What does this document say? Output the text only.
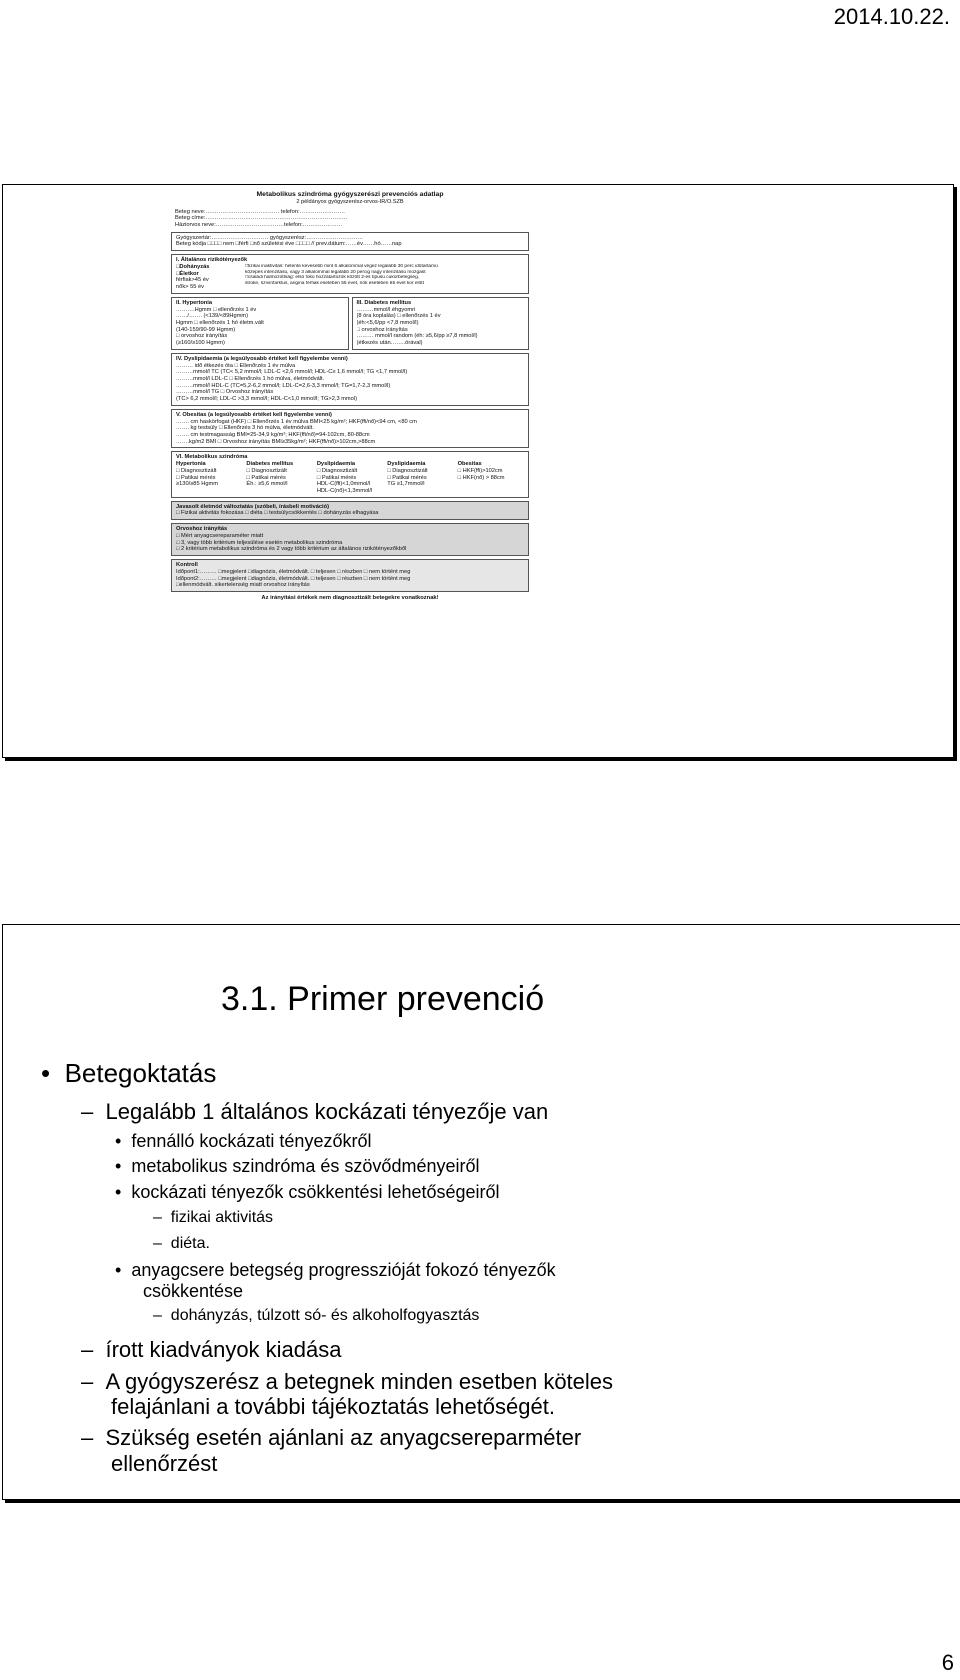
2014.10.22.
Metabolikus szindróma gyógyszerészi prevenciós adatlap
2 példányos gyógyszerész-orvos-IR/O.SZB
Beteg neve:………………………………… telefon:……………………
Beteg címe:…………………………………………………………………
Háziorvos neve:………………………………telefon:…………………
Gyógyszertár:………………………… gyógyszerész:…………………………
Beteg kódja □□□□ nem □férfi □nő születési éve □□□□ // prev.dátum:……év……hó……nap
I. Általános rizikótényezők
□Dohányzás
□Életkor
férfiak>45 év
nők> 55 év
□fizikai inaktivitás: hetente kevesebb mint 6 alkalommal végez legalább 30 perc időtartamú
közepes intenzitású, vagy 3 alkalommal legalább 20 percig nagy intenzitású mozgást
□családi halmozottság: első fokú hozzátartozók között 2-es típusú cukorbetegség,
stroke, szívinfarktus, angina férfiak esetében 55 évet, nők esetében 65 évet kor előtt
II. Hypertonia
……….Hgmm □ ellenőrzés 1 év
……/……. (<139/<89Hgmm)
Hgmm □ ellenőrzés 1 hó életm.vált
(140-159/90-99 Hgmm)
□ orvoshoz irányítás
(≥160/≥100 Hgmm)
III. Diabetes mellitus
………mmol/l éhgyomri
(8 óra koplalás) □ ellenőrzés 1 év
(éh:<5,6/pp <7,8 mmol/l)
□ orvoshoz irányítás
……… mmol/l random (éh: ≥5,6/pp ≥7,8 mmol/l)
(étkezés után……..órával)
IV. Dyslipidaemia (a legsúlyosabb értéket kell figyelembe venni)
……… idő étkezés óta □ Ellenőrzés 1 év múlva
………mmol/l TC (TC< 5,2 mmol/l; LDL-C <2,6 mmol/l; HDL-C≥ 1,6 mmol/l; TG <1,7 mmol/l)
………mmol/l LDL-C □ Ellenőrzés 1 hó múlva, életmódvált.
………mmol/l HDL-C (TC=5,2-6,2 mmol/l; LDL-C=2,6-3,3 mmol/l; TG=1,7-2,3 mmol/l)
………mmol/l TG □ Orvoshoz irányítás
(TC> 6,2 mmol/l; LDL-C >3,3 mmol/l; HDL-C<1,0 mmol/l; TG>2,3 mmol)
V. Obesitas (a legsúlyosabb értéket kell figyelembe venni)
……. cm haskörfogat (HKF) □ Ellenőrzés 1 év múlva BMI<25 kg/m²; HKF(ffi/nő)<94 cm, <80 cm
……. kg testsúly □ Ellenőrzés 3 hó múlva, életmódvált.
……. cm testmagasság BMI=25-34,9 kg/m²; HKF(ffi/nő)=94-102cm, 80-88cm
…….kg/m2 BMI □ Orvoshoz irányítás BMI≥35kg/m²; HKF(ffi/nő)>102cm,>88cm
VI. Metabolikus szindróma
Hypertonia
□ Diagnosztizált
□ Patikai mérés
≥130/≥85 Hgmm
Diabetes mellitus
□ Diagnosztizált
□ Patikai mérés
Éh.: ≥5,6 mmol/l
Dyslipidaemia
□ Diagnosztizált
□ Patikai mérés
HDL-C(ffi)<1,0mmol/l
HDL-C(nő)<1,3mmol/l
Dyslipidaemia
□ Diagnosztizált
□ Patikai mérés
TG ≥1,7mmol/l
Obesitas
□ HKF(ffi)>102cm
□ HKF(nő) > 88cm
Javasolt életmód változtatás (szóbeli, írásbeli motiváció)
□ Fizikai aktivitás fokozása □ diéta □ testsúlycsökkentés □ dohányzás elhagyása
Orvoshoz irányítás
□ Mért anyagcsereparaméter miatt
□ 3, vagy több kritérium teljesülése esetén metabolikus szindróma
□ 2 kritérium metabolikus szindróma és 2 vagy több kritérium az általános rizikótényezőkből
Kontroll
Időpont1:……… □megjelent □diagnózis, életmódvált. □ teljesen □ részben □ nem történt meg
Időpont2:……… □megjelent □diagnózis, életmódvált. □ teljesen □ részben □ nem történt meg
□ellenmódvált. sikertelenség miatt orvoshoz irányítás
Az irányítási értékek nem diagnosztizált betegekre vonatkoznak!
3.1. Primer prevenció
• Betegoktatás
– Legalább 1 általános kockázati tényezője van
• fennálló kockázati tényezőkről
• metabolikus szindróma és szövődményeiről
• kockázati tényezők csökkentési lehetőségeiről
– fizikai aktivitás
– diéta.
• anyagcsere betegség progresszióját fokozó tényezők
csökkentése
– dohányzás, túlzott só- és alkoholfogyasztás
– írott kiadványok kiadása
– A gyógyszerész a betegnek minden esetben köteles
felajánlani a további tájékoztatás lehetőségét.
– Szükség esetén ajánlani az anyagcsereparméter
ellenőrzést
6
